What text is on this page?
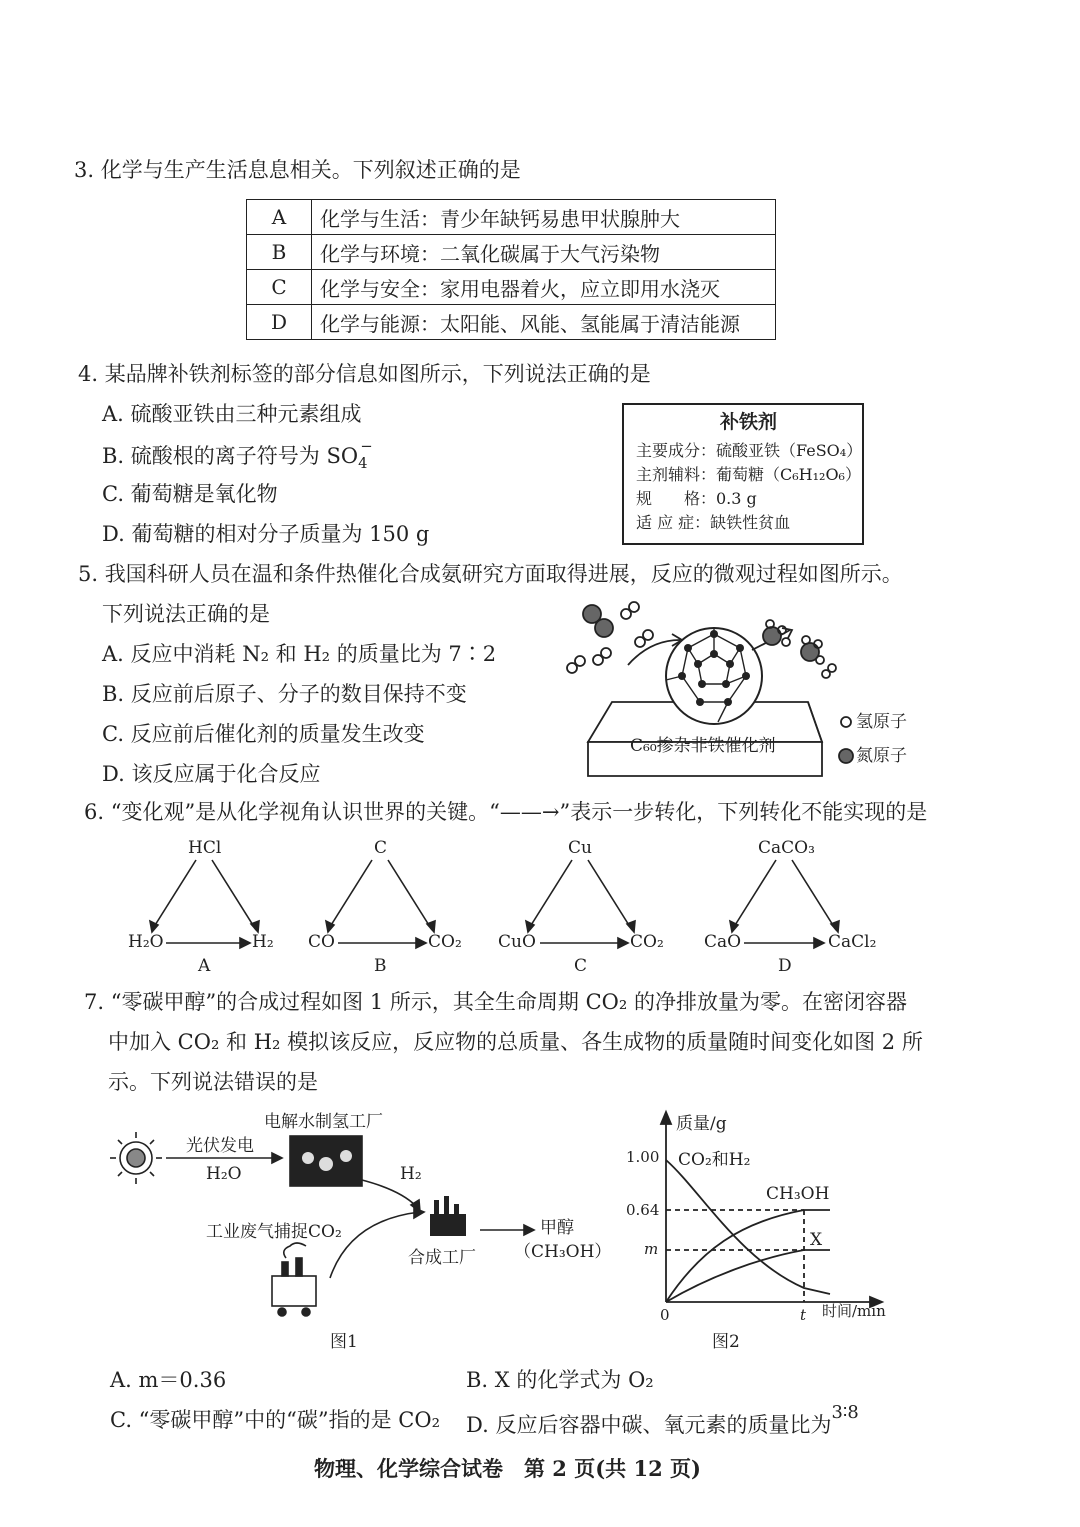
3. 化学与生产生活息息相关。下列叙述正确的是
A	化学与生活：青少年缺钙易患甲状腺肿大
B	化学与环境：二氧化碳属于大气污染物
C	化学与安全：家用电器着火，应立即用水浇灭
D	化学与能源：太阳能、风能、氢能属于清洁能源
4. 某品牌补铁剂标签的部分信息如图所示，下列说法正确的是
A. 硫酸亚铁由三种元素组成
B. 硫酸根的离子符号为 $SO_4^-$
C. 葡萄糖是氧化物
D. 葡萄糖的相对分子质量为 150 g
补铁剂
主要成分：硫酸亚铁（FeSO₄）
主剂辅料：葡萄糖（C₆H₁₂O₆）
规　　格：0.3 g
适 应 症：缺铁性贫血
5. 我国科研人员在温和条件热催化合成氨研究方面取得进展，反应的微观过程如图所示。
下列说法正确的是
A. 反应中消耗 N₂ 和 H₂ 的质量比为 7∶2
B. 反应前后原子、分子的数目保持不变
C. 反应前后催化剂的质量发生改变
D. 该反应属于化合反应
C₆₀掺杂非铁催化剂
氢原子
氮原子
6. “变化观”是从化学视角认识世界的关键。“——→”表示一步转化，下列转化不能实现的是
HCl
H₂O	H₂
A
C
CO	CO₂
B
Cu
CuO	CO₂
C
CaCO₃
CaO	CaCl₂
D
7. “零碳甲醇”的合成过程如图 1 所示，其全生命周期 CO₂ 的净排放量为零。在密闭容器
中加入 CO₂ 和 H₂ 模拟该反应，反应物的总质量、各生成物的质量随时间变化如图 2 所
示。下列说法错误的是
电解水制氢工厂
光伏发电
H₂O	H₂
工业废气捕捉CO₂
合成工厂
甲醇
（CH₃OH）
图1
质量/g
1.00
0.64
m
0	t 时间/min
CO₂和H₂
CH₃OH
X
图2
A. m＝0.36	B. X 的化学式为 O₂
C. “零碳甲醇”中的“碳”指的是 CO₂ D. 反应后容器中碳、氧元素的质量比为$^{3∶8}$
物理、化学综合试卷　第 2 页(共 12 页)
